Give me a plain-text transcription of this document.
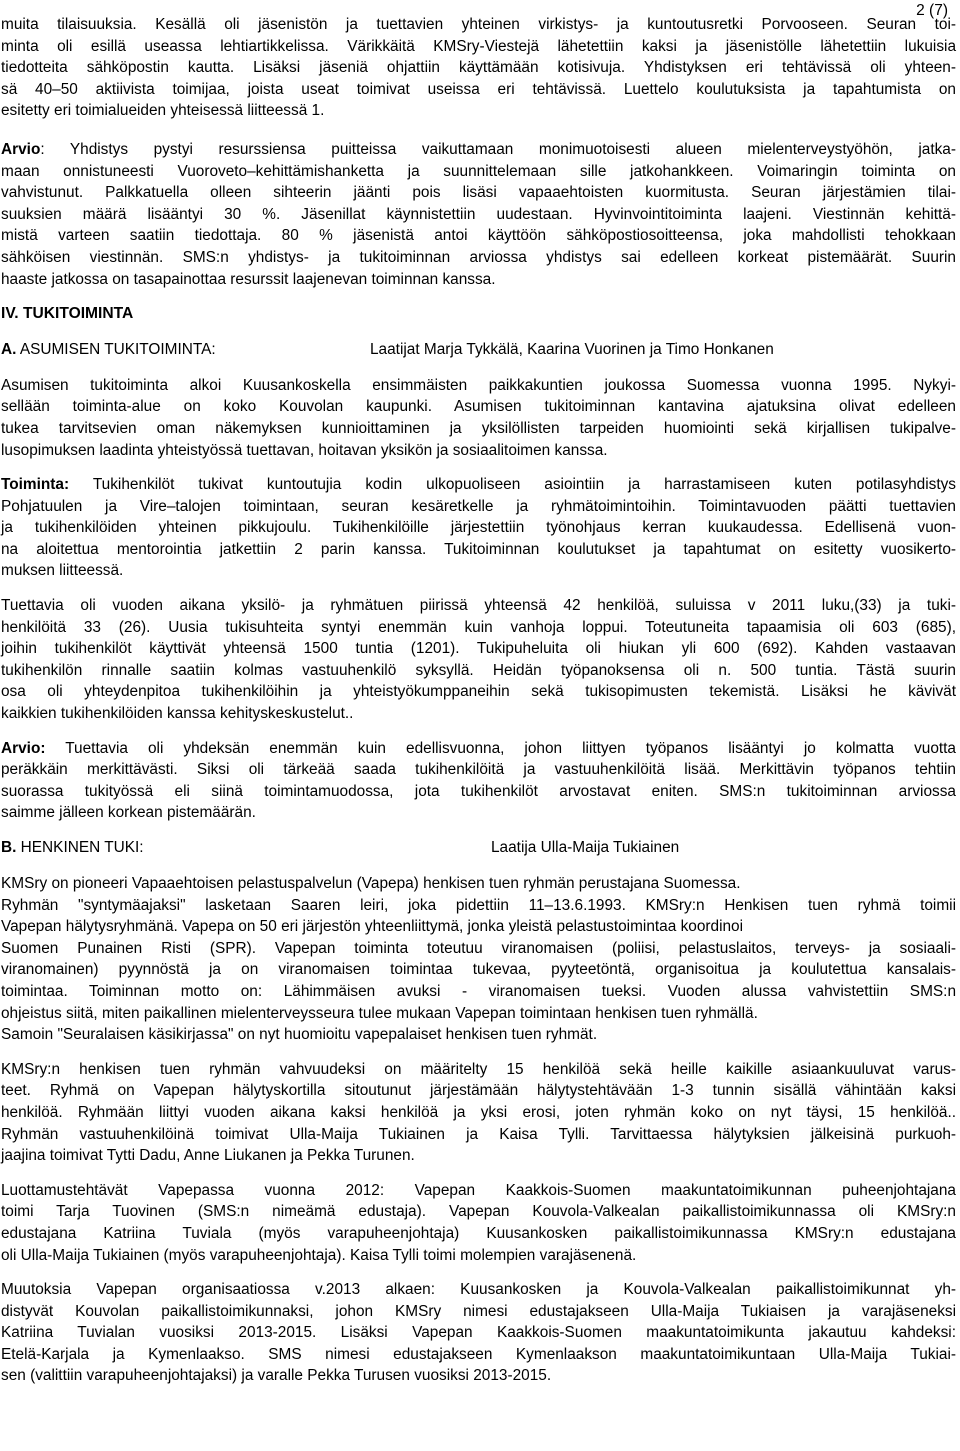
2 (7)
muita tilaisuuksia. Kesällä oli jäsenistön ja tuettavien yhteinen virkistys- ja kuntoutusretki Porvooseen. Seuran toi-
minta oli esillä useassa lehtiartikkelissa. Värikkäitä KMSry-Viestejä lähetettiin kaksi ja jäsenistölle lähetettiin lukuisia
tiedotteita sähköpostin kautta. Lisäksi jäseniä ohjattiin käyttämään kotisivuja. Yhdistyksen eri tehtävissä oli yhteen-
sä 40–50 aktiivista toimijaa, joista useat toimivat useissa eri tehtävissä. Luettelo koulutuksista ja tapahtumista on
esitetty eri toimialueiden yhteisessä liitteessä 1.
Arvio: Yhdistys pystyi resurssiensa puitteissa vaikuttamaan monimuotoisesti alueen mielenterveystyöhön, jatka-
maan onnistuneesti Vuoroveto–kehittämishanketta ja suunnittelemaan sille jatkohankkeen. Voimaringin toiminta on
vahvistunut. Palkkatuella olleen sihteerin jäänti pois lisäsi vapaaehtoisten kuormitusta. Seuran järjestämien tilai-
suuksien määrä lisääntyi 30 %. Jäsenillat käynnistettiin uudestaan. Hyvinvointitoiminta laajeni. Viestinnän kehittä-
mistä varteen saatiin tiedottaja. 80 % jäsenistä antoi käyttöön sähköpostiosoitteensa, joka mahdollisti tehokkaan
sähköisen viestinnän. SMS:n yhdistys- ja tukitoiminnan arviossa yhdistys sai edelleen korkeat pistemäärät. Suurin
haaste jatkossa on tasapainottaa resurssit laajenevan toiminnan kanssa.
IV. TUKITOIMINTA
A. ASUMISEN TUKITOIMINTA:	Laatijat Marja Tykkälä, Kaarina Vuorinen ja Timo Honkanen
Asumisen tukitoiminta alkoi Kuusankoskella ensimmäisten paikkakuntien joukossa Suomessa vuonna 1995. Nykyi-
sellään toiminta-alue on koko Kouvolan kaupunki. Asumisen tukitoiminnan kantavina ajatuksina olivat edelleen
tukea tarvitsevien oman näkemyksen kunnioittaminen ja yksilöllisten tarpeiden huomiointi sekä kirjallisen tukipalve-
lusopimuksen laadinta yhteistyössä tuettavan, hoitavan yksikön ja sosiaalitoimen kanssa.
Toiminta: Tukihenkilöt tukivat kuntoutujia kodin ulkopuoliseen asiointiin ja harrastamiseen kuten potilasyhdistys
Pohjatuulen ja Vire–talojen toimintaan, seuran kesäretkelle ja ryhmätoimintoihin. Toimintavuoden päätti tuettavien
ja tukihenkilöiden yhteinen pikkujoulu. Tukihenkilöille järjestettiin työnohjaus kerran kuukaudessa. Edellisenä vuon-
na aloitettua mentorointia jatkettiin 2 parin kanssa. Tukitoiminnan koulutukset ja tapahtumat on esitetty vuosikerto-
muksen liitteessä.
Tuettavia oli vuoden aikana yksilö- ja ryhmätuen piirissä yhteensä 42 henkilöä, suluissa v 2011 luku,(33) ja tuki-
henkilöitä 33 (26). Uusia tukisuhteita syntyi enemmän kuin vanhoja loppui. Toteutuneita tapaamisia oli 603 (685),
joihin tukihenkilöt käyttivät yhteensä 1500 tuntia (1201). Tukipuheluita oli hiukan yli 600 (692). Kahden vastaavan
tukihenkilön rinnalle saatiin kolmas vastuuhenkilö syksyllä. Heidän työpanoksensa oli n. 500 tuntia. Tästä suurin
osa oli yhteydenpitoa tukihenkilöihin ja yhteistyökumppaneihin sekä tukisopimusten tekemistä. Lisäksi he kävivät
kaikkien tukihenkilöiden kanssa kehityskeskustelut..
Arvio: Tuettavia oli yhdeksän enemmän kuin edellisvuonna, johon liittyen työpanos lisääntyi jo kolmatta vuotta
peräkkäin merkittävästi. Siksi oli tärkeää saada tukihenkilöitä ja vastuuhenkilöitä lisää. Merkittävin työpanos tehtiin
suorassa tukityössä eli siinä toimintamuodossa, jota tukihenkilöt arvostavat eniten. SMS:n tukitoiminnan arviossa
saimme jälleen korkean pistemäärän.
B. HENKINEN TUKI:	Laatija Ulla-Maija Tukiainen
KMSry on pioneeri Vapaaehtoisen pelastuspalvelun (Vapepa) henkisen tuen ryhmän perustajana Suomessa.
Ryhmän "syntymäajaksi" lasketaan Saaren leiri, joka pidettiin 11–13.6.1993. KMSry:n Henkisen tuen ryhmä toimii
Vapepan hälytysryhmänä. Vapepa on 50 eri järjestön yhteenliittymä, jonka yleistä pelastustoimintaa koordinoi
Suomen Punainen Risti (SPR). Vapepan toiminta toteutuu viranomaisen (poliisi, pelastuslaitos, terveys- ja sosiaali-
viranomainen) pyynnöstä ja on viranomaisen toimintaa tukevaa, pyyteetöntä, organisoitua ja koulutettua kansalais-
toimintaa. Toiminnan motto on: Lähimmäisen avuksi - viranomaisen tueksi. Vuoden alussa vahvistettiin SMS:n
ohjeistus siitä, miten paikallinen mielenterveysseura tulee mukaan Vapepan toimintaan henkisen tuen ryhmällä.
Samoin "Seuralaisen käsikirjassa" on nyt huomioitu vapepalaiset henkisen tuen ryhmät.
KMSry:n henkisen tuen ryhmän vahvuudeksi on määritelty 15 henkilöä sekä heille kaikille asiaankuuluvat varus-
teet. Ryhmä on Vapepan hälytyskortilla sitoutunut järjestämään hälytystehtävään 1-3 tunnin sisällä vähintään kaksi
henkilöä. Ryhmään liittyi vuoden aikana kaksi henkilöä ja yksi erosi, joten ryhmän koko on nyt täysi, 15 henkilöä..
Ryhmän vastuuhenkilöinä toimivat Ulla-Maija Tukiainen ja Kaisa Tylli. Tarvittaessa hälytyksien jälkeisinä purkuoh-
jaajina toimivat Tytti Dadu, Anne Liukanen ja Pekka Turunen.
Luottamustehtävät Vapepassa vuonna 2012: Vapepan Kaakkois-Suomen maakuntatoimikunnan puheenjohtajana
toimi Tarja Tuovinen (SMS:n nimeämä edustaja). Vapepan Kouvola-Valkealan paikallistoimikunnassa oli KMSry:n
edustajana Katriina Tuviala (myös varapuheenjohtaja) Kuusankosken paikallistoimikunnassa KMSry:n edustajana
oli Ulla-Maija Tukiainen (myös varapuheenjohtaja). Kaisa Tylli toimi molempien varajäsenenä.
Muutoksia Vapepan organisaatiossa v.2013 alkaen: Kuusankosken ja Kouvola-Valkealan paikallistoimikunnat yh-
distyvät Kouvolan paikallistoimikunnaksi, johon KMSry nimesi edustajakseen Ulla-Maija Tukiaisen ja varajäseneksi
Katriina Tuvialan vuosiksi 2013-2015. Lisäksi Vapepan Kaakkois-Suomen maakuntatoimikunta jakautuu kahdeksi:
Etelä-Karjala ja Kymenlaakso. SMS nimesi edustajakseen Kymenlaakson maakuntatoimikuntaan Ulla-Maija Tukiai-
sen (valittiin varapuheenjohtajaksi) ja varalle Pekka Turusen vuosiksi 2013-2015.
